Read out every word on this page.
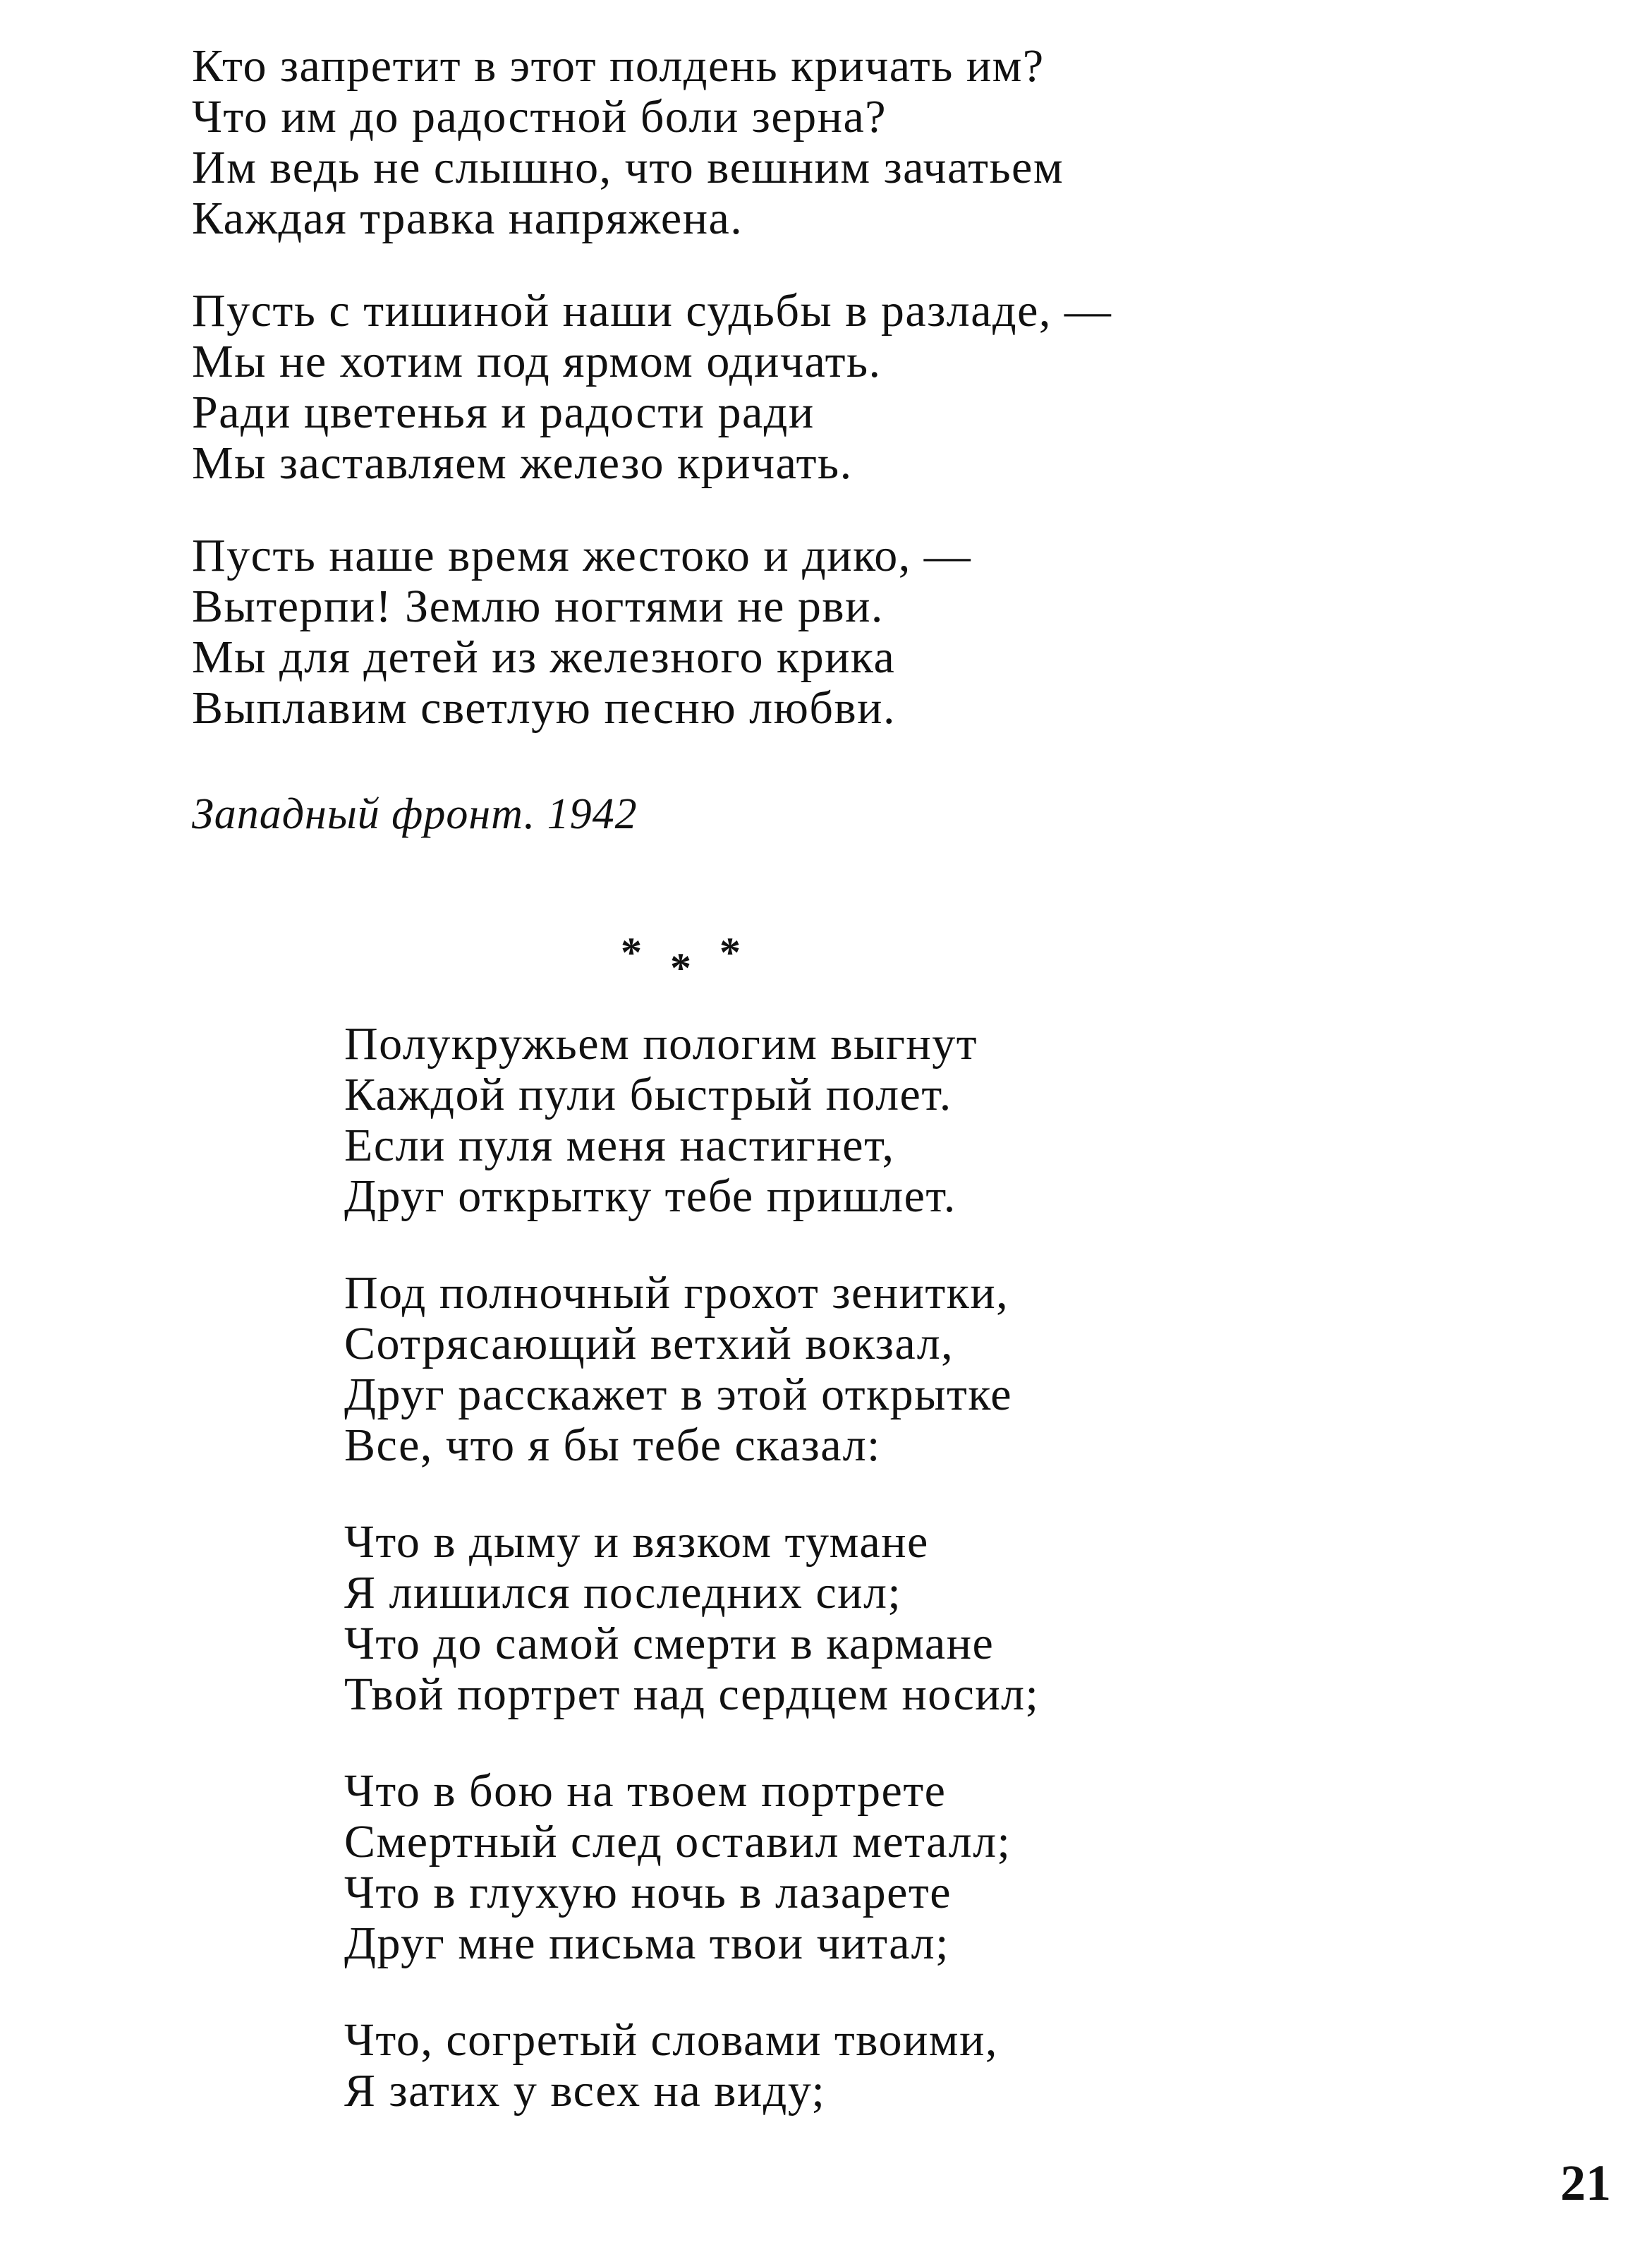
Кто запретит в этот полдень кричать им?
Что им до радостной боли зерна?
Им ведь не слышно, что вешним зачатьем
Каждая травка напряжена.
Пусть с тишиной наши судьбы в разладе, —
Мы не хотим под ярмом одичать.
Ради цветенья и радости ради
Мы заставляем железо кричать.
Пусть наше время жестоко и дико, —
Вытерпи! Землю ногтями не рви.
Мы для детей из железного крика
Выплавим светлую песню любви.
Западный фронт. 1942
* * *
Полукружьем пологим выгнут
Каждой пули быстрый полет.
Если пуля меня настигнет,
Друг открытку тебе пришлет.
Под полночный грохот зенитки,
Сотрясающий ветхий вокзал,
Друг расскажет в этой открытке
Все, что я бы тебе сказал:
Что в дыму и вязком тумане
Я лишился последних сил;
Что до самой смерти в кармане
Твой портрет над сердцем носил;
Что в бою на твоем портрете
Смертный след оставил металл;
Что в глухую ночь в лазарете
Друг мне письма твои читал;
Что, согретый словами твоими,
Я затих у всех на виду;
21
